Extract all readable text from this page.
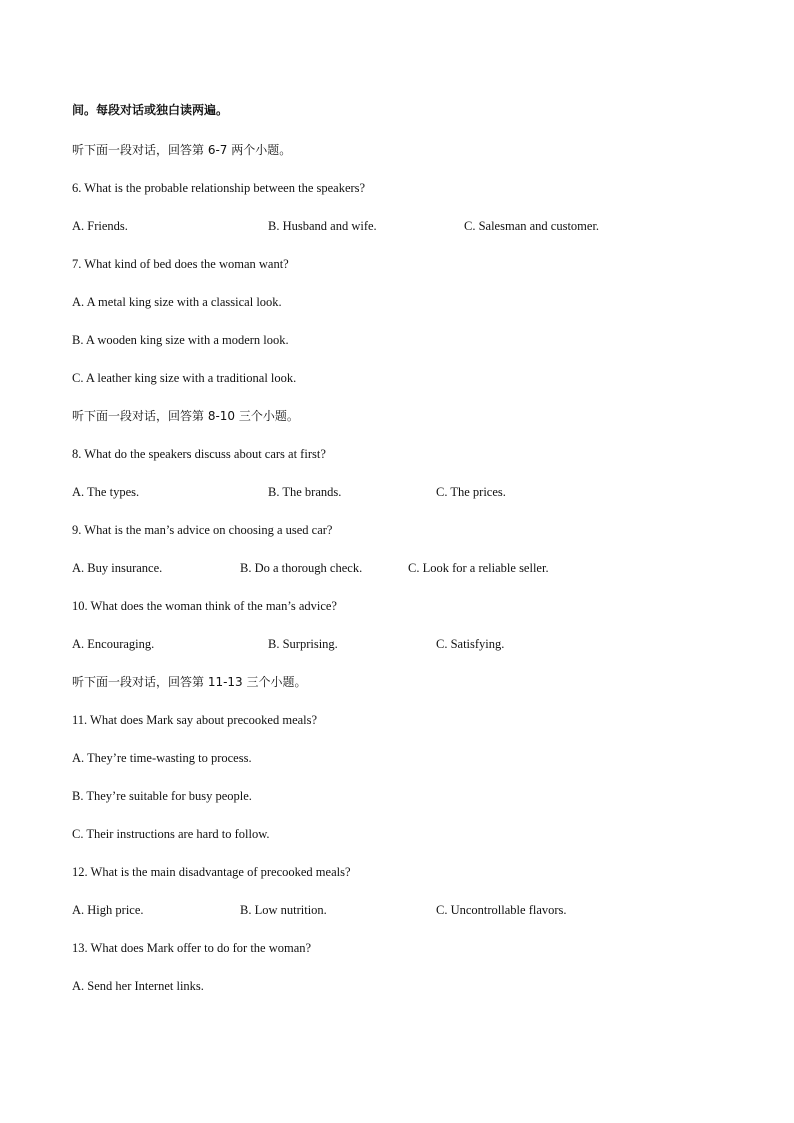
间。每段对话或独白读两遍。
听下面一段对话，回答第 6-7 两个小题。
6. What is the probable relationship between the speakers?
A. Friends.	B. Husband and wife.	C. Salesman and customer.
7. What kind of bed does the woman want?
A. A metal king size with a classical look.
B. A wooden king size with a modern look.
C. A leather king size with a traditional look.
听下面一段对话，回答第 8-10 三个小题。
8. What do the speakers discuss about cars at first?
A. The types.	B. The brands.	C. The prices.
9. What is the man’s advice on choosing a used car?
A. Buy insurance.	B. Do a thorough check.	C. Look for a reliable seller.
10. What does the woman think of the man’s advice?
A. Encouraging.	B. Surprising.	C. Satisfying.
听下面一段对话，回答第 11-13 三个小题。
11. What does Mark say about precooked meals?
A. They’re time-wasting to process.
B. They’re suitable for busy people.
C. Their instructions are hard to follow.
12. What is the main disadvantage of precooked meals?
A. High price.	B. Low nutrition.	C. Uncontrollable flavors.
13. What does Mark offer to do for the woman?
A. Send her Internet links.
